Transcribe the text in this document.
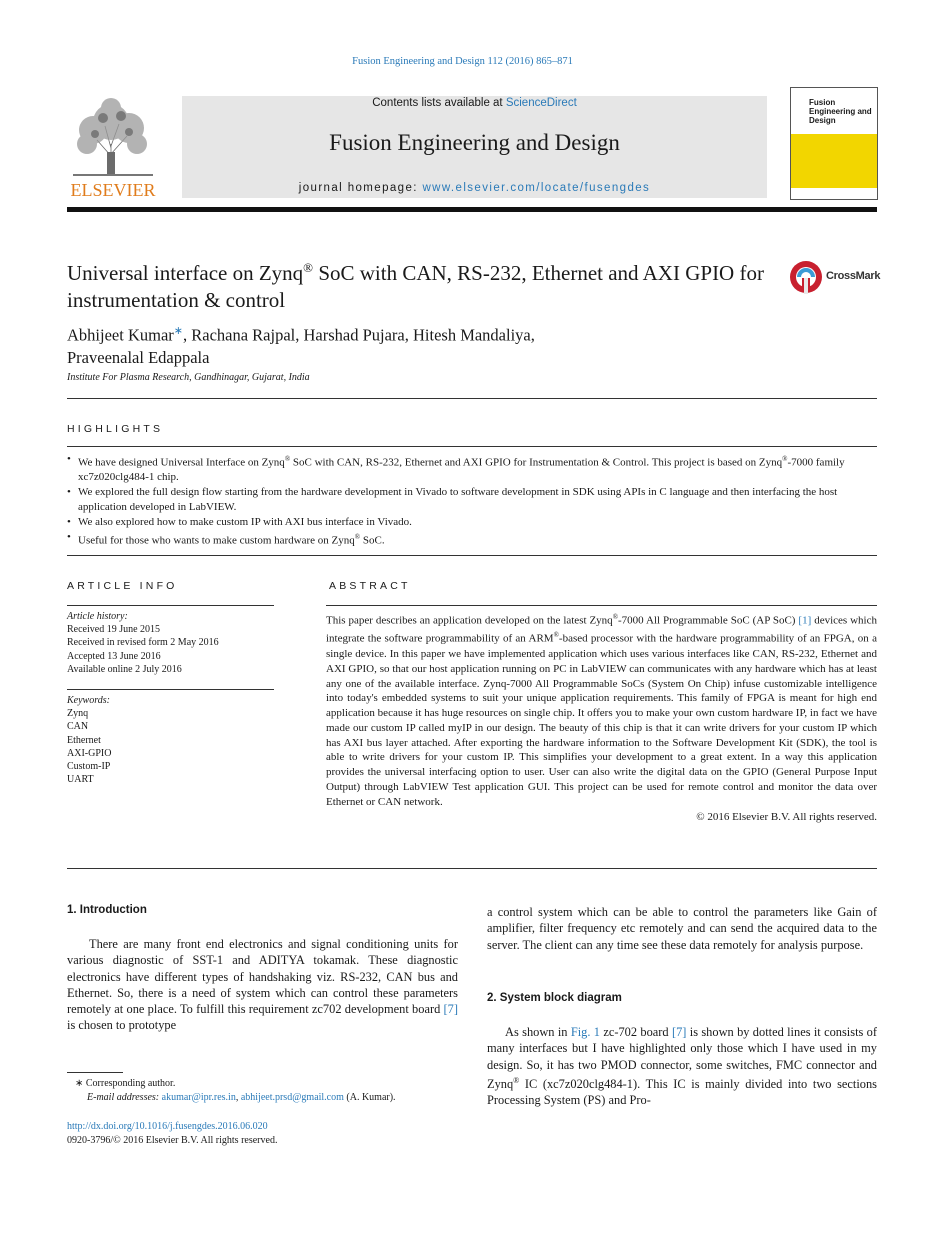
Fusion Engineering and Design 112 (2016) 865–871
ELSEVIER
Contents lists available at ScienceDirect
Fusion Engineering and Design
journal homepage: www.elsevier.com/locate/fusengdes
Fusion Engineering and Design
Universal interface on Zynq® SoC with CAN, RS-232, Ethernet and AXI GPIO for instrumentation & control
CrossMark
Abhijeet Kumar∗, Rachana Rajpal, Harshad Pujara, Hitesh Mandaliya,
Praveenalal Edappala
Institute For Plasma Research, Gandhinagar, Gujarat, India
HIGHLIGHTS
• We have designed Universal Interface on Zynq® SoC with CAN, RS-232, Ethernet and AXI GPIO for Instrumentation & Control. This project is based on Zynq®-7000 family xc7z020clg484-1 chip.
• We explored the full design flow starting from the hardware development in Vivado to software development in SDK using APIs in C language and then interfacing the host application developed in LabVIEW.
• We also explored how to make custom IP with AXI bus interface in Vivado.
• Useful for those who wants to make custom hardware on Zynq® SoC.
ARTICLE INFO
Article history:
Received 19 June 2015
Received in revised form 2 May 2016
Accepted 13 June 2016
Available online 2 July 2016
Keywords:
Zynq
CAN
Ethernet
AXI-GPIO
Custom-IP
UART
ABSTRACT
This paper describes an application developed on the latest Zynq®-7000 All Programmable SoC (AP SoC) [1] devices which integrate the software programmability of an ARM®-based processor with the hardware programmability of an FPGA, on a single device. In this paper we have implemented application which uses various interfaces like CAN, RS-232, Ethernet and AXI GPIO, so that our host application running on PC in LabVIEW can communicates with any hardware which has at least any one of the available interface. Zynq-7000 All Programmable SoCs (System On Chip) infuse customizable intelligence into today's embedded systems to suit your unique application requirements. This family of FPGA is meant for high end application because it has huge resources on single chip. It offers you to make your own custom hardware IP, in fact we have made our custom IP called myIP in our design. The beauty of this chip is that it can write drivers for your custom IP which has AXI bus layer attached. After exporting the hardware information to the Software Development Kit (SDK), the tool is able to write drivers for your custom IP. This simplifies your development to a great extent. In a way this application provides the universal interfacing option to user. User can also write the digital data on the GPIO (General Purpose Input Output) through LabVIEW Test application GUI. This project can be used for remote control and monitor the data over Ethernet or CAN network.
© 2016 Elsevier B.V. All rights reserved.
1. Introduction
There are many front end electronics and signal conditioning units for various diagnostic of SST-1 and ADITYA tokamak. These diagnostic electronics have different types of handshaking viz. RS-232, CAN bus and Ethernet. So, there is a need of system which can control these parameters remotely at one place. To fulfill this requirement zc702 development board [7] is chosen to prototype
a control system which can be able to control the parameters like Gain of amplifier, filter frequency etc remotely and can send the acquired data to the server. The client can any time see these data remotely for analysis purpose.
2. System block diagram
As shown in Fig. 1 zc-702 board [7] is shown by dotted lines it consists of many interfaces but I have highlighted only those which I have used in my design. So, it has two PMOD connector, some switches, FMC connector and Zynq® IC (xc7z020clg484-1). This IC is mainly divided into two sections Processing System (PS) and Pro-
∗ Corresponding author.
E-mail addresses: akumar@ipr.res.in, abhijeet.prsd@gmail.com (A. Kumar).
http://dx.doi.org/10.1016/j.fusengdes.2016.06.020
0920-3796/© 2016 Elsevier B.V. All rights reserved.
